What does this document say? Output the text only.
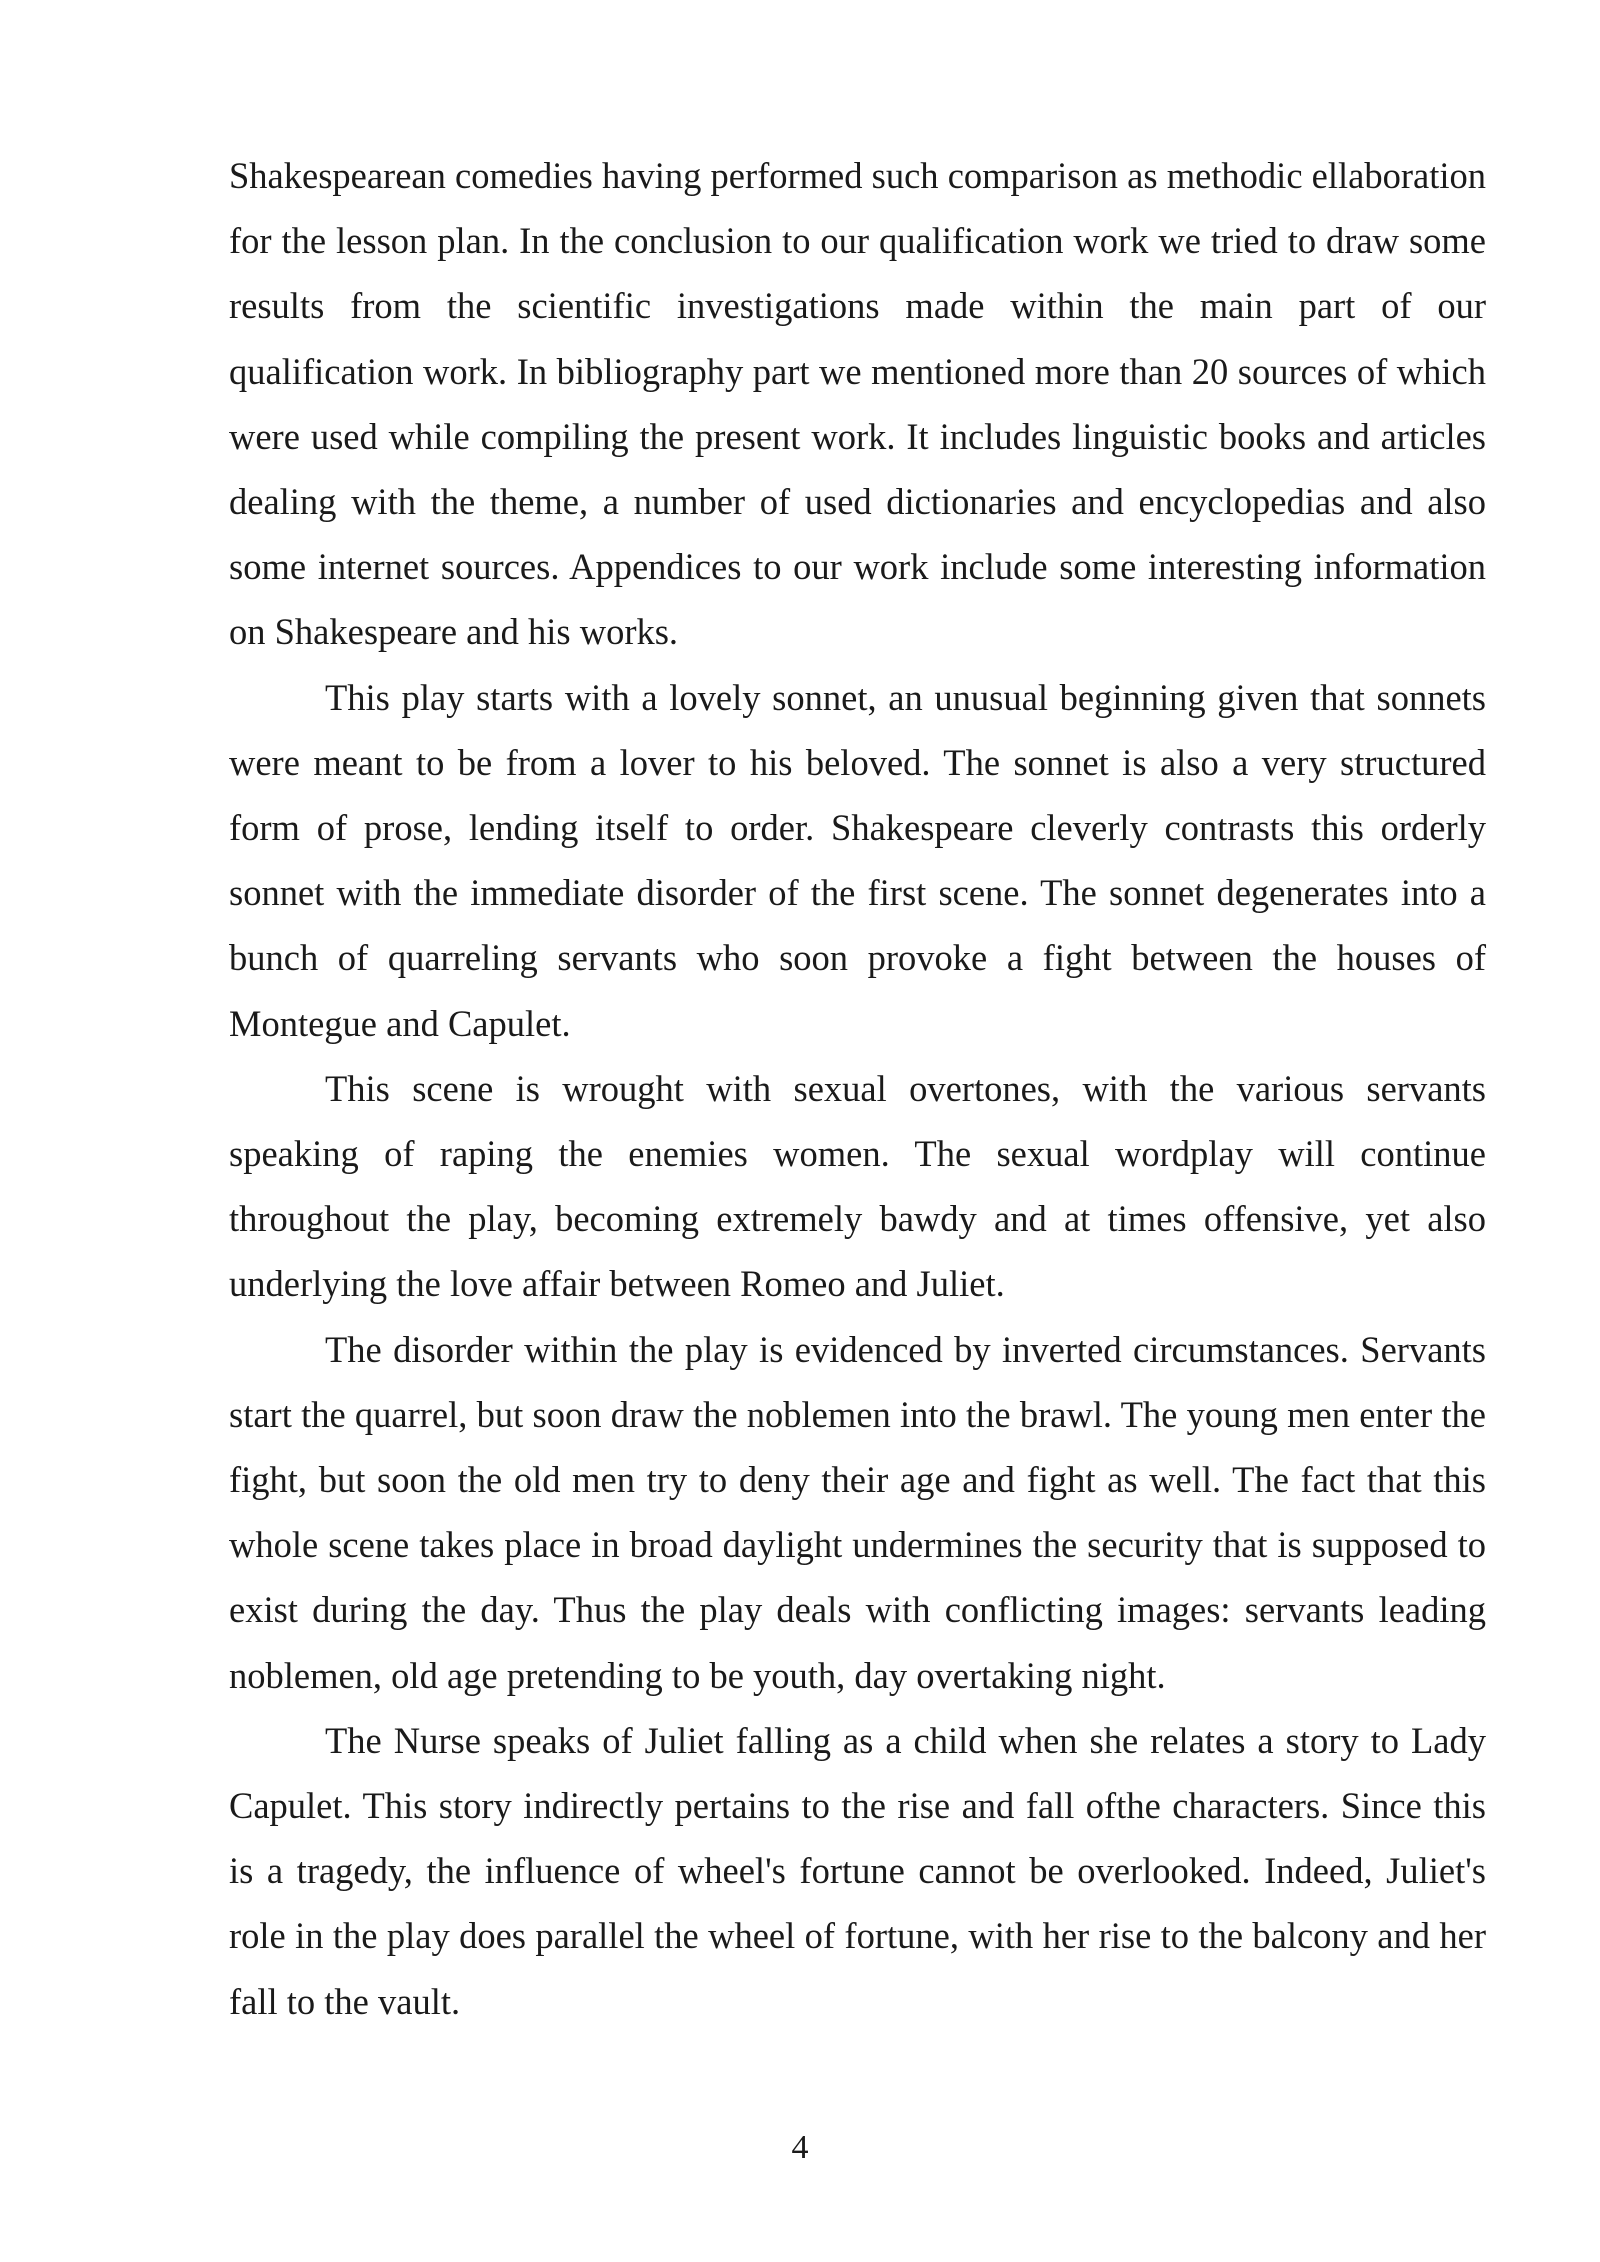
Shakespearean comedies having performed such comparison as methodic ellaboration for the lesson plan. In the conclusion to our qualification work we tried to draw some results from the scientific investigations made within the main part of our qualification work. In bibliography part we mentioned more than 20 sources of which were used while compiling the present work. It includes linguistic books and articles dealing with the theme, a number of used dictionaries and encyclopedias and also some internet sources. Appendices to our work include some interesting information on Shakespeare and his works.

This play starts with a lovely sonnet, an unusual beginning given that sonnets were meant to be from a lover to his beloved. The sonnet is also a very structured form of prose, lending itself to order. Shakespeare cleverly contrasts this orderly sonnet with the immediate disorder of the first scene. The sonnet degenerates into a bunch of quarreling servants who soon provoke a fight between the houses of Montegue and Capulet.

This scene is wrought with sexual overtones, with the various servants speaking of raping the enemies women. The sexual wordplay will continue throughout the play, becoming extremely bawdy and at times offensive, yet also underlying the love affair between Romeo and Juliet.

The disorder within the play is evidenced by inverted circumstances. Servants start the quarrel, but soon draw the noblemen into the brawl. The young men enter the fight, but soon the old men try to deny their age and fight as well. The fact that this whole scene takes place in broad daylight undermines the security that is supposed to exist during the day. Thus the play deals with conflicting images: servants leading noblemen, old age pretending to be youth, day overtaking night.

The Nurse speaks of Juliet falling as a child when she relates a story to Lady Capulet. This story indirectly pertains to the rise and fall ofthe characters. Since this is a tragedy, the influence of wheel's fortune cannot be overlooked. Indeed, Juliet's role in the play does parallel the wheel of fortune, with her rise to the balcony and her fall to the vault.

4
